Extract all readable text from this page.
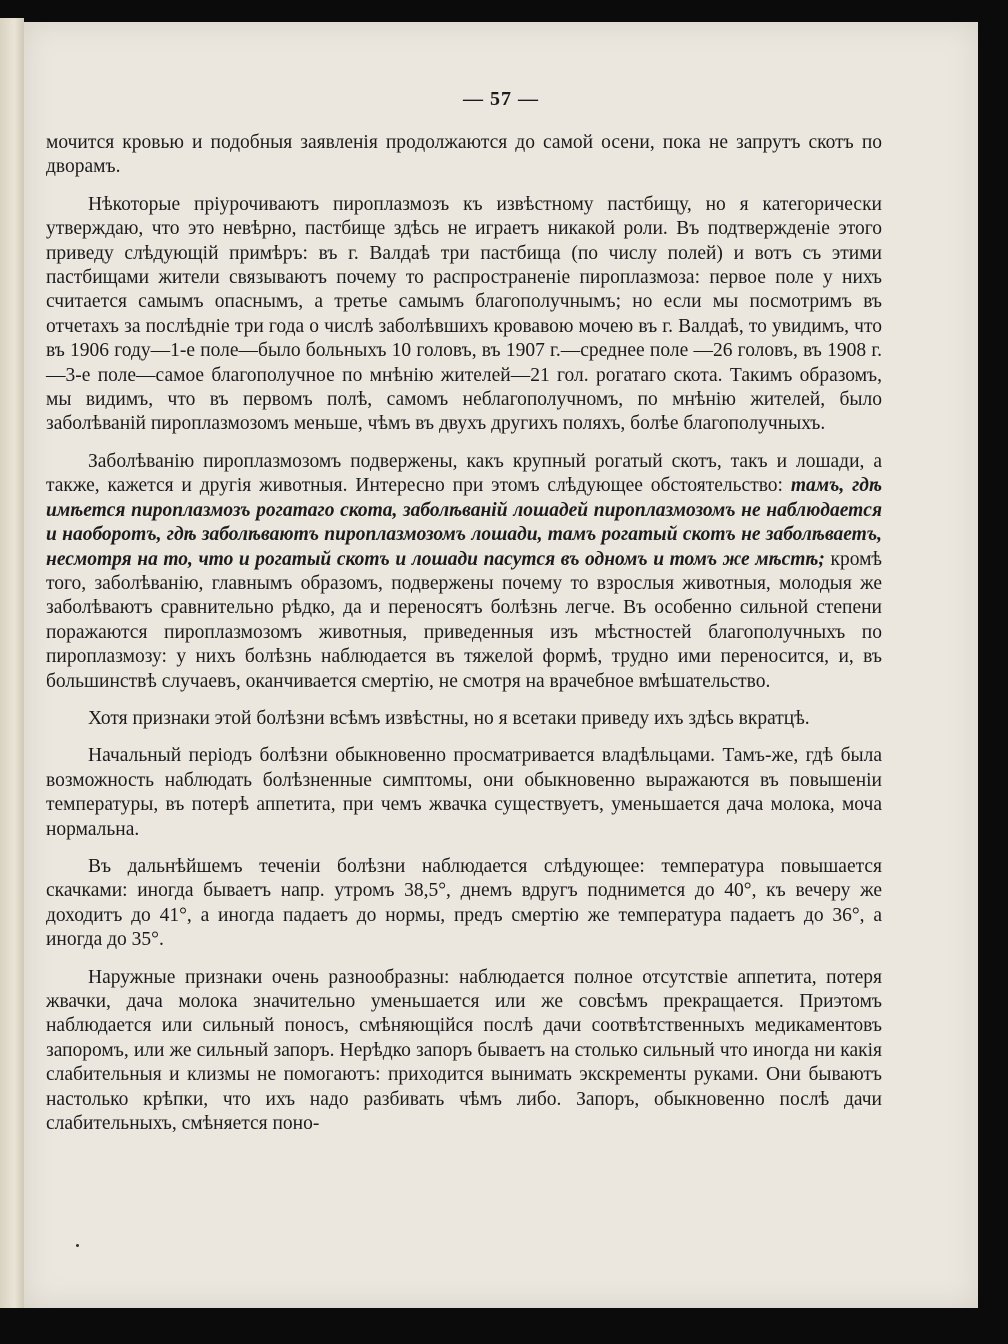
— 57 —

мочится кровью и подобныя заявленія продолжаются до самой осени, пока не запрутъ скотъ по дворамъ.

Нѣкоторые пріурочиваютъ пироплазмозъ къ извѣстному пастбищу, но я категорически утверждаю, что это невѣрно, пастбище здѣсь не играетъ никакой роли. Въ подтвержденіе этого приведу слѣдующій примѣръ: въ г. Валдаѣ три пастбища (по числу полей) и вотъ съ этими пастбищами жители связываютъ почему то распространеніе пироплазмоза: первое поле у нихъ считается самымъ опаснымъ, а третье самымъ благополучнымъ; но если мы посмотримъ въ отчетахъ за послѣдніе три года о числѣ заболѣвшихъ кровавою мочею въ г. Валдаѣ, то увидимъ, что въ 1906 году—1-е поле—было больныхъ 10 головъ, въ 1907 г.—среднее поле —26 головъ, въ 1908 г.—3-е поле—самое благополучное по мнѣнію жителей—21 гол. рогатаго скота. Такимъ образомъ, мы видимъ, что въ первомъ полѣ, самомъ неблагополучномъ, по мнѣнію жителей, было заболѣваній пироплазмозомъ меньше, чѣмъ въ двухъ другихъ поляхъ, болѣе благополучныхъ.

Заболѣванію пироплазмозомъ подвержены, какъ крупный рогатый скотъ, такъ и лошади, а также, кажется и другія животныя. Интересно при этомъ слѣдующее обстоятельство: тамъ, гдѣ имѣется пироплазмозъ рогатаго скота, заболѣваній лошадей пироплазмозомъ не наблюдается и наоборотъ, гдѣ заболѣваютъ пироплазмозомъ лошади, тамъ рогатый скотъ не заболѣваетъ, несмотря на то, что и рогатый скотъ и лошади пасутся въ одномъ и томъ же мѣстѣ; кромѣ того, заболѣванію, главнымъ образомъ, подвержены почему то взрослыя животныя, молодыя же заболѣваютъ сравнительно рѣдко, да и переносятъ болѣзнь легче. Въ особенно сильной степени поражаются пироплазмозомъ животныя, приведенныя изъ мѣстностей благополучныхъ по пироплазмозу: у нихъ болѣзнь наблюдается въ тяжелой формѣ, трудно ими переносится, и, въ большинствѣ случаевъ, оканчивается смертію, не смотря на врачебное вмѣшательство.

Хотя признаки этой болѣзни всѣмъ извѣстны, но я всетаки приведу ихъ здѣсь вкратцѣ.

Начальный періодъ болѣзни обыкновенно просматривается владѣльцами. Тамъ-же, гдѣ была возможность наблюдать болѣзненные симптомы, они обыкновенно выражаются въ повышеніи температуры, въ потерѣ аппетита, при чемъ жвачка существуетъ, уменьшается дача молока, моча нормальна.

Въ дальнѣйшемъ теченіи болѣзни наблюдается слѣдующее: температура повышается скачками: иногда бываетъ напр. утромъ 38,5°, днемъ вдругъ поднимется до 40°, къ вечеру же доходитъ до 41°, а иногда падаетъ до нормы, предъ смертію же температура падаетъ до 36°, а иногда до 35°.

Наружные признаки очень разнообразны: наблюдается полное отсутствіе аппетита, потеря жвачки, дача молока значительно уменьшается или же совсѣмъ прекращается. Приэтомъ наблюдается или сильный поносъ, смѣняющійся послѣ дачи соотвѣтственныхъ медикаментовъ запоромъ, или же сильный запоръ. Нерѣдко запоръ бываетъ на столько сильный что иногда ни какія слабительныя и клизмы не помогаютъ: приходится вынимать экскременты руками. Они бываютъ настолько крѣпки, что ихъ надо разбивать чѣмъ либо. Запоръ, обыкновенно послѣ дачи слабительныхъ, смѣняется поно-
